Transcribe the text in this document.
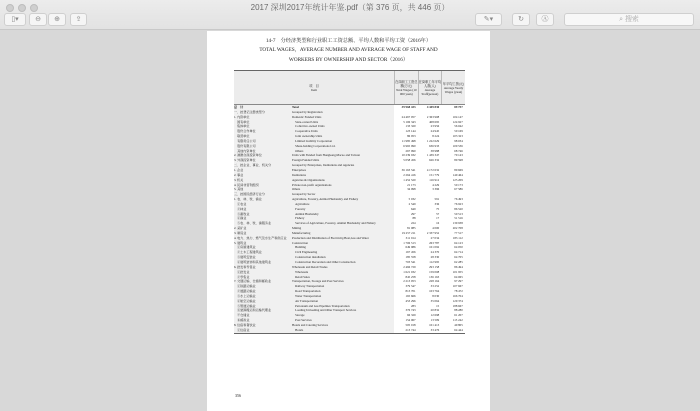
2017 深圳2017年统计年鉴.pdf（第 376 页，共 446 页）
▯▾	⊖	⊕	⇪	✎▾	↻	Ⓐ	⌕ 搜索
14-7　分经济类型和行业职工工资总额、平均人数和平均工资（2016年）
TOTAL WAGES，AVERAGE NUMBER AND AVERAGE WAGE OF STAFF AND
WORKERS BY OWNERSHIP AND SECTOR（2016）
项　目
Item
在岗职工工资总额(万元)
Total Wages (10 000 yuan)
在岗职工年平均人数(人)
Average Staff(person)
年平均工资(元)
Average Yearly Wages (yuan)
总　计	Total	39 968 433	4 449 830	89 757
一、按登记注册类型分	Grouped by Registration
1. 内资单位	Domestic Funded Units	24 467 057	2 363 908	104 147
　国有单位	　State-owned Units	5 106 343	408 695	124 927
　集体单位	　Collective-owned Units	133 320	23 956	56 042
　股份合作单位	　Cooperative Units	123 144	24 945	50 169
　联营单位	　Joint ownership Units	86 953	8 224	103 323
　有限责任公司	　Limited Liability Corporation	11 985 498	1 222 629	98 034
　股份有限公司	　Share-holding Corporations Ltd.	6 965 990	636 933	109 536
　其他内资单位	　Others	267 990	38 988	68 746
2. 港澳台商投资单位	Units with Funded from Hongkong,Macao and Taiwan	10 239 932	1 439 347	79 143
3. 外商投资单位	Foreign Funded Units	5 058 456	626 332	89 598
二、按企业、事业、机关分	Grouped by Enterprises, Institutions and Agencies
1. 企业	Enterprises	36 163 541	4 172 632	89 669
2. 事业	Institutions	2 264 416	151 779	149 464
3. 机关	Agencies & Organizations	1 452 520	116 912	125 209
4. 民间非营利组织	Private non-profit organizations	21 173	4 229	50 173
5. 其他	Others	34 998	3 396	67 586
三、按国民经济行业分	Grouped by Sector
1. 农、林、牧、渔业	Agriculture, Forestry, Animal Husbandry and Fishery	5 032	591	76 493
　①农业	　Agriculture	2 549	336	76 923
　②林业	　Forestry	649	75	86 520
　③畜牧业	　Animal Husbandry	297	57	50 513
　④渔业	　Fishery	88	17	51 516
　⑤农、林、牧、渔服务业	　Services of Agriculture, Forestry, Animal Husbandry and Fishery	224	16	139 938
2. 采矿业	Mining	81 085	4 000	202 708
3. 制造业	Manufacturing	19 257 211	2 337 952	77 517
4. 电力、热力、燃气及水生产和供应业	Production and Distribution of Electricity,Heat,Gas and Water	311 914	27 034	183 112
5. 建筑业	Construction	1 706 513	263 787	64 123
　①房屋建筑业	　Building	649 986	101 092	64 050
　②土木工程建筑业	　Civil Engineering	167 456	24 370	64 714
　③建筑安装业	　Construction installation	185 558	28 330	64 705
　④建筑装饰和其他建筑业	　Construction Decoration and Other Construction	703 541	112 995	62 285
6. 批发和零售业	Wholesale and Retail Trades	2 466 729	293 158	86 494
　①批发业	　Wholesale	1 621 032	159 008	101 955
　②零售业	　Retail Sales	845 258	136 163	64 065
7. 交通运输、仓储和邮政业	Transportation, Storage and Post Services	2 213 053	228 164	97 297
　①铁路运输业	　Railway Transportation	379 547	33 252	107 667
　②道路运输业	　Road Transportation	813 701	103 764	78 472
　③水上运输业	　Water Transportation	165 666	8 030	166 704
　④航空运输业	　Air Transportation	453 296	35 064	129 374
　⑤管道运输业	　Petroleum and Gas Pipelines Transportation	283	15	188 667
　⑥装卸搬运和运输代理业	　Loading Unloading and Other Transport Services	376 743	20 832	88 280
　⑦仓储业	　Storage	66 329	12 698	61 207
　⑧邮政业	　Post Services	154 067	13 509	113 242
8. 住宿和餐饮业	Hotels and Catering Services	505 018	101 413	49 805
　①住宿业	　Hotels	213 744	33 476	64 444
356
